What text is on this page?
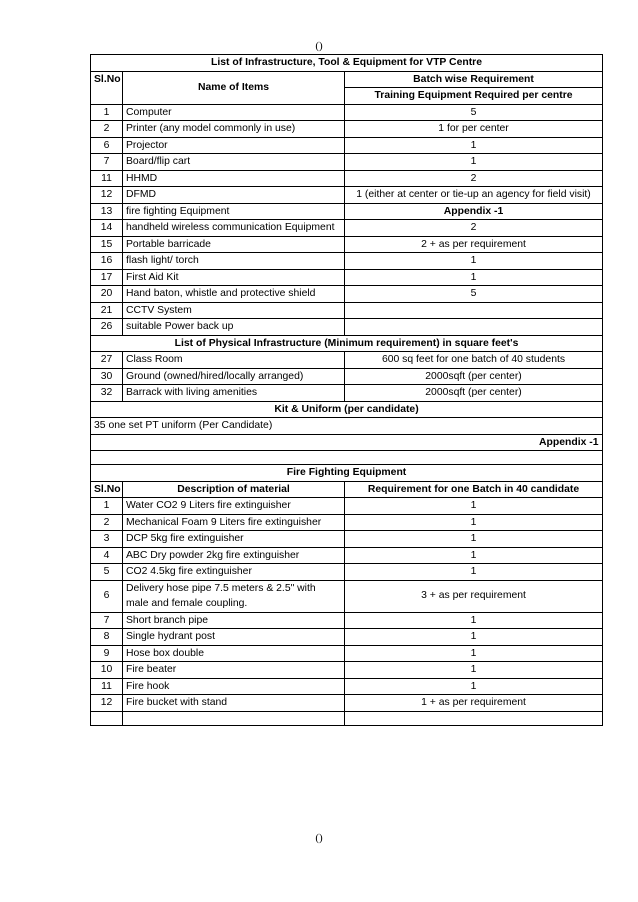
()
List of Infrastructure, Tool & Equipment for VTP Centre		
Sl.No	Name of Items	Batch wise Requirement
		Training Equipment Required per centre
1	Computer	5
2	Printer (any model commonly in use)	1 for per center
6	Projector	1
7	Board/flip cart	1
11	HHMD	2
12	DFMD	1 (either at center or tie-up an agency for field visit)
13	fire fighting Equipment	Appendix -1
14	handheld wireless communication Equipment	2
15	Portable barricade	2 + as per requirement
16	flash light/ torch	1
17	First Aid Kit	1
20	Hand baton, whistle and protective shield	5
21	CCTV System	
26	suitable Power back up	
List of Physical Infrastructure (Minimum requirement) in square feet's		
27	Class Room	600 sq feet for one batch of 40 students
30	Ground (owned/hired/locally arranged)	2000sqft (per center)
32	Barrack with living amenities	2000sqft (per center)
Kit & Uniform (per candidate)		
35 one set PT uniform (Per Candidate)		

Appendix -1		

Fire Fighting Equipment		
Sl.No	Description of material	Requirement for one Batch in 40 candidate
1	Water CO2 9 Liters fire extinguisher	1
2	Mechanical Foam 9 Liters fire extinguisher	1
3	DCP 5kg fire extinguisher	1
4	ABC Dry powder 2kg fire extinguisher	1
5	CO2 4.5kg fire extinguisher	1
6	Delivery hose pipe 7.5 meters & 2.5" with male and female coupling.	3 + as per requirement
7	Short branch pipe	1
8	Single hydrant post	1
9	Hose box double	1
10	Fire beater	1
11	Fire hook	1
12	Fire bucket with stand	1 + as per requirement

()
